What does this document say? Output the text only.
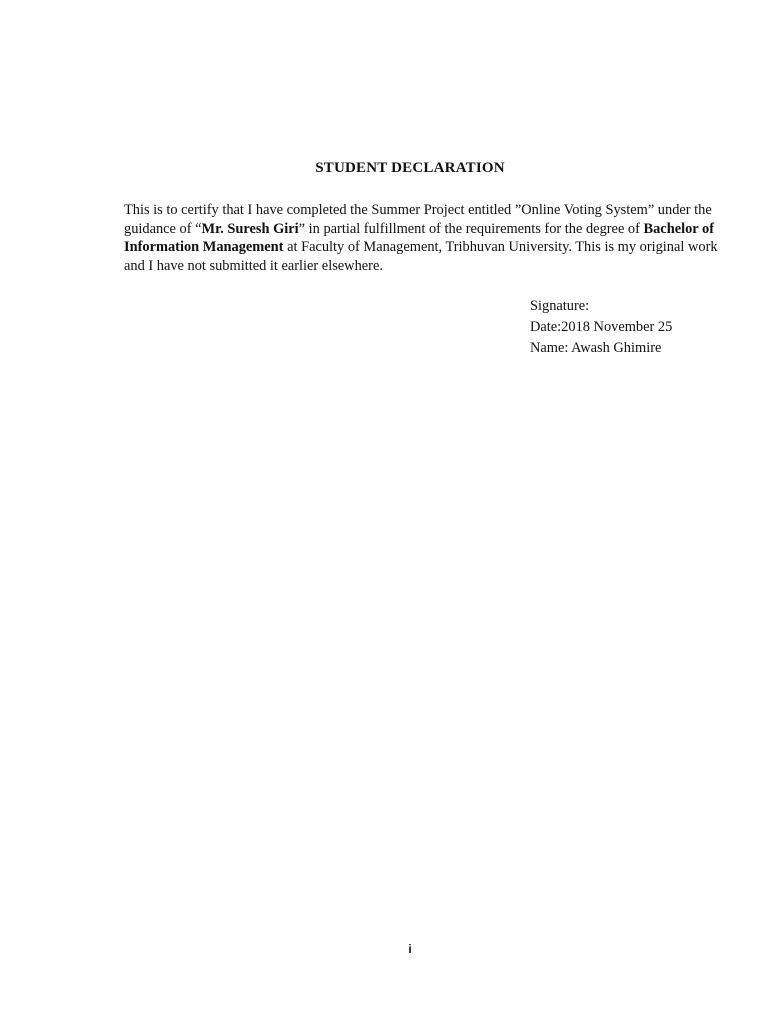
STUDENT DECLARATION

This is to certify that I have completed the Summer Project entitled ”Online Voting System” under the
guidance of “Mr. Suresh Giri” in partial fulfillment of the requirements for the degree of Bachelor of
Information Management at Faculty of Management, Tribhuvan University. This is my original work
and I have not submitted it earlier elsewhere.

Signature:
Date:2018 November 25
Name: Awash Ghimire
i
